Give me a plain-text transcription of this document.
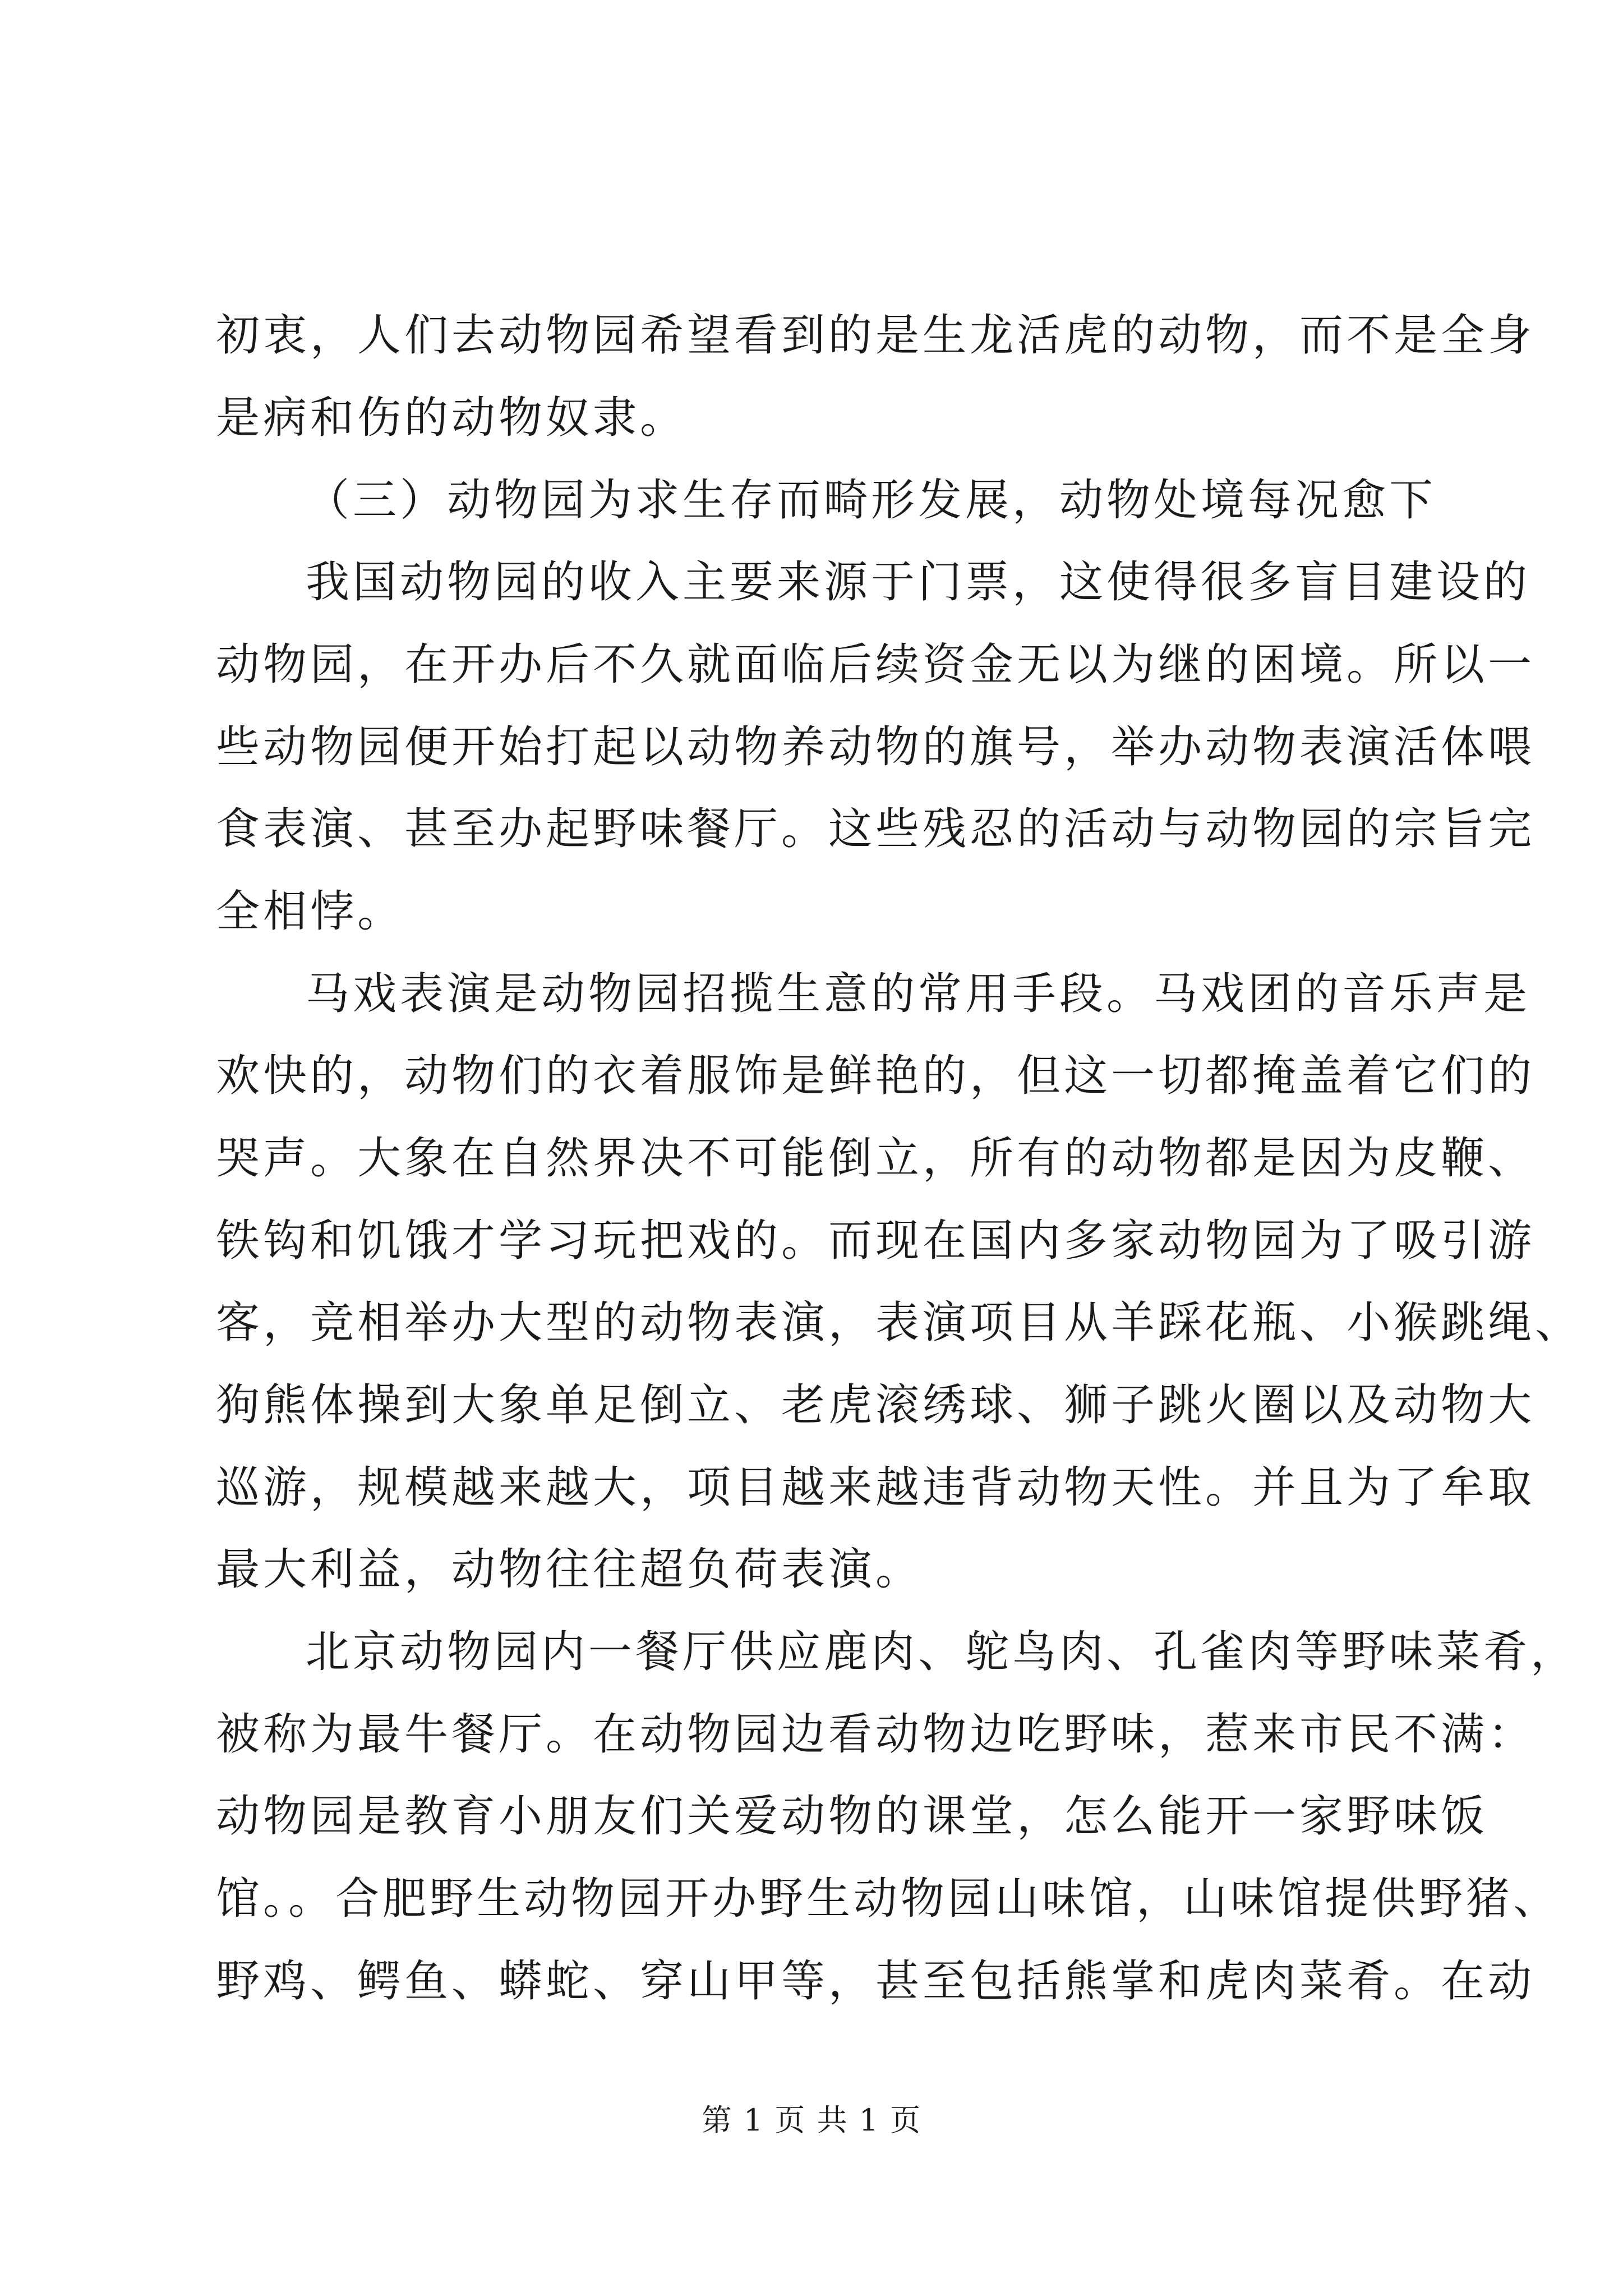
初衷，人们去动物园希望看到的是生龙活虎的动物，而不是全身
是病和伤的动物奴隶。
（三）动物园为求生存而畸形发展，动物处境每况愈下
我国动物园的收入主要来源于门票，这使得很多盲目建设的
动物园，在开办后不久就面临后续资金无以为继的困境。所以一
些动物园便开始打起以动物养动物的旗号，举办动物表演活体喂
食表演、甚至办起野味餐厅。这些残忍的活动与动物园的宗旨完
全相悖。
马戏表演是动物园招揽生意的常用手段。马戏团的音乐声是
欢快的，动物们的衣着服饰是鲜艳的，但这一切都掩盖着它们的
哭声。大象在自然界决不可能倒立，所有的动物都是因为皮鞭、
铁钩和饥饿才学习玩把戏的。而现在国内多家动物园为了吸引游
客，竞相举办大型的动物表演，表演项目从羊踩花瓶、小猴跳绳、
狗熊体操到大象单足倒立、老虎滚绣球、狮子跳火圈以及动物大
巡游，规模越来越大，项目越来越违背动物天性。并且为了牟取
最大利益，动物往往超负荷表演。
北京动物园内一餐厅供应鹿肉、鸵鸟肉、孔雀肉等野味菜肴，
被称为最牛餐厅。在动物园边看动物边吃野味，惹来市民不满：
动物园是教育小朋友们关爱动物的课堂，怎么能开一家野味饭
馆。。合肥野生动物园开办野生动物园山味馆，山味馆提供野猪、
野鸡、鳄鱼、蟒蛇、穿山甲等，甚至包括熊掌和虎肉菜肴。在动
第 1 页 共 1 页
